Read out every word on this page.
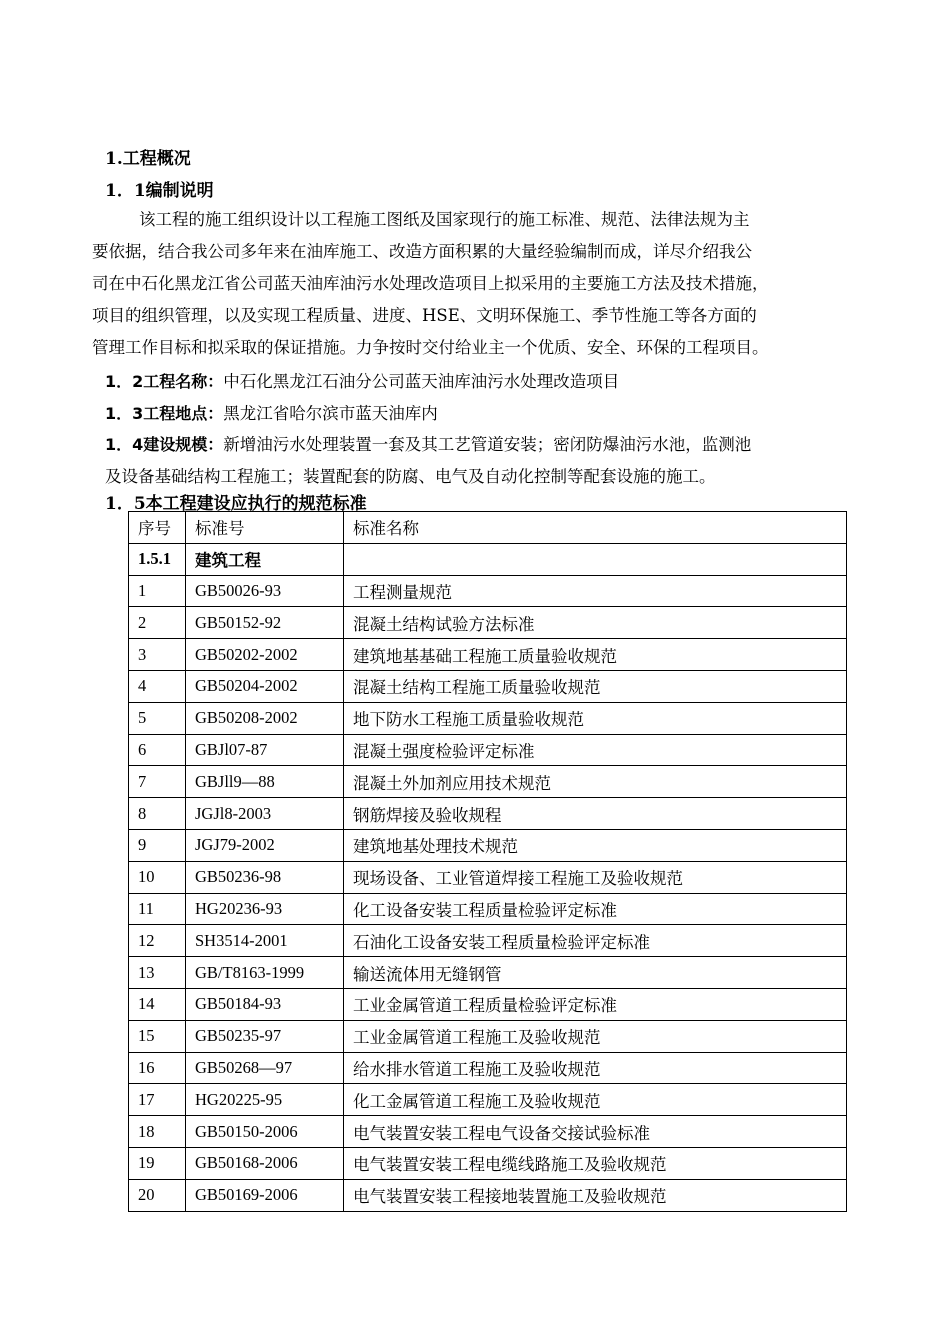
1.工程概况
1．1编制说明
该工程的施工组织设计以工程施工图纸及国家现行的施工标准、规范、法律法规为主
要依据，结合我公司多年来在油库施工、改造方面积累的大量经验编制而成，详尽介绍我公
司在中石化黑龙江省公司蓝天油库油污水处理改造项目上拟采用的主要施工方法及技术措施，
项目的组织管理，以及实现工程质量、进度、HSE、文明环保施工、季节性施工等各方面的
管理工作目标和拟采取的保证措施。力争按时交付给业主一个优质、安全、环保的工程项目。
1．2工程名称：中石化黑龙江石油分公司蓝天油库油污水处理改造项目
1．3工程地点：黑龙江省哈尔滨市蓝天油库内
1．4建设规模：新增油污水处理装置一套及其工艺管道安装；密闭防爆油污水池，监测池
及设备基础结构工程施工；装置配套的防腐、电气及自动化控制等配套设施的施工。
1．5本工程建设应执行的规范标准
序号	标准号	标准名称
1.5.1	建筑工程	
1	GB50026-93	工程测量规范
2	GB50152-92	混凝土结构试验方法标准
3	GB50202-2002	建筑地基基础工程施工质量验收规范
4	GB50204-2002	混凝土结构工程施工质量验收规范
5	GB50208-2002	地下防水工程施工质量验收规范
6	GBJl07-87	混凝土强度检验评定标准
7	GBJll9—88	混凝土外加剂应用技术规范
8	JGJl8-2003	钢筋焊接及验收规程
9	JGJ79-2002	建筑地基处理技术规范
10	GB50236-98	现场设备、工业管道焊接工程施工及验收规范
11	HG20236-93	化工设备安装工程质量检验评定标准
12	SH3514-2001	石油化工设备安装工程质量检验评定标准
13	GB/T8163-1999	输送流体用无缝钢管
14	GB50184-93	工业金属管道工程质量检验评定标准
15	GB50235-97	工业金属管道工程施工及验收规范
16	GB50268—97	给水排水管道工程施工及验收规范
17	HG20225-95	化工金属管道工程施工及验收规范
18	GB50150-2006	电气装置安装工程电气设备交接试验标准
19	GB50168-2006	电气装置安装工程电缆线路施工及验收规范
20	GB50169-2006	电气装置安装工程接地装置施工及验收规范
